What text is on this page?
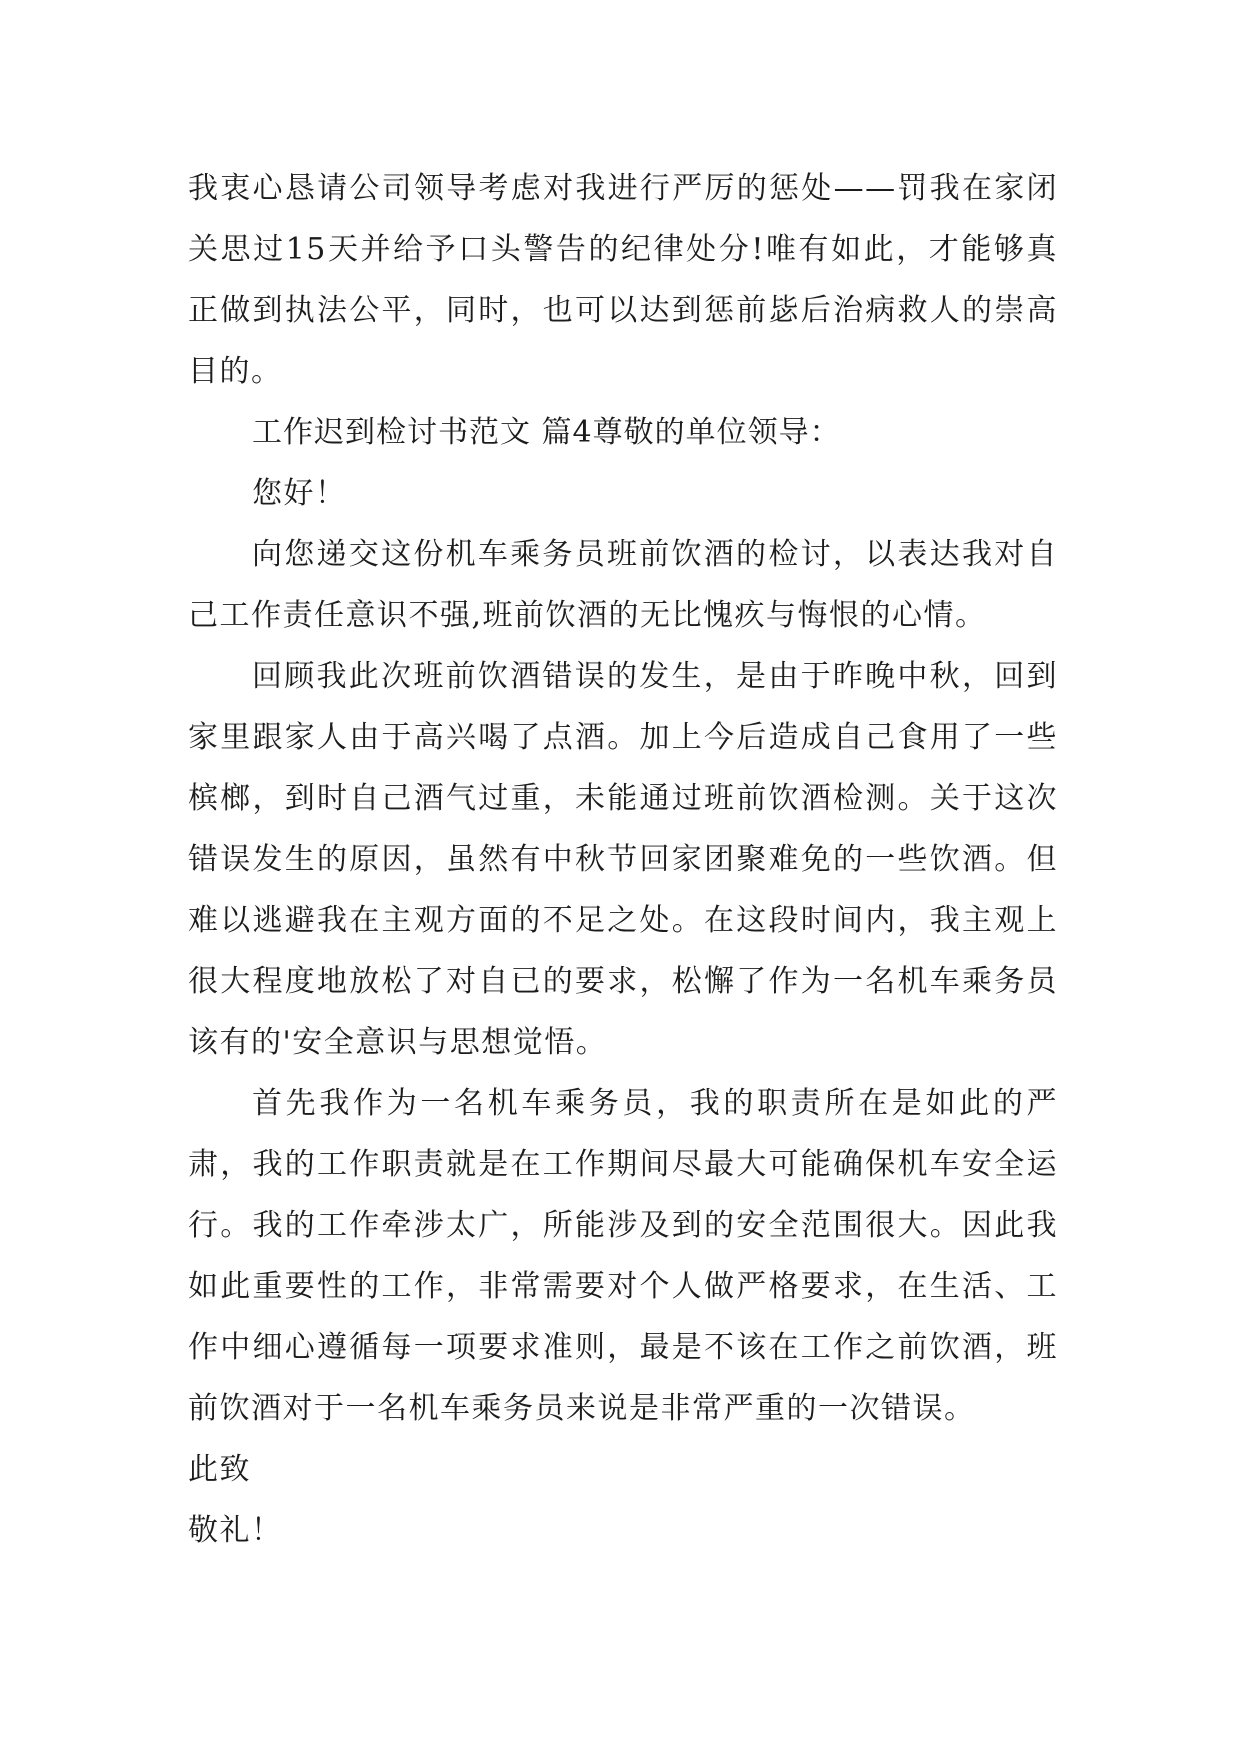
我衷心恳请公司领导考虑对我进行严厉的惩处——罚我在家闭关思过15天并给予口头警告的纪律处分!唯有如此，才能够真正做到执法公平，同时，也可以达到惩前毖后治病救人的崇高目的。

工作迟到检讨书范文 篇4尊敬的单位领导：

您好！

向您递交这份机车乘务员班前饮酒的检讨，以表达我对自己工作责任意识不强,班前饮酒的无比愧疚与悔恨的心情。

回顾我此次班前饮酒错误的发生，是由于昨晚中秋，回到家里跟家人由于高兴喝了点酒。加上今后造成自己食用了一些槟榔，到时自己酒气过重，未能通过班前饮酒检测。关于这次错误发生的原因，虽然有中秋节回家团聚难免的一些饮酒。但难以逃避我在主观方面的不足之处。在这段时间内，我主观上很大程度地放松了对自已的要求，松懈了作为一名机车乘务员该有的'安全意识与思想觉悟。

首先我作为一名机车乘务员，我的职责所在是如此的严肃，我的工作职责就是在工作期间尽最大可能确保机车安全运行。我的工作牵涉太广，所能涉及到的安全范围很大。因此我如此重要性的工作，非常需要对个人做严格要求，在生活、工作中细心遵循每一项要求准则，最是不该在工作之前饮酒，班前饮酒对于一名机车乘务员来说是非常严重的一次错误。

此致

敬礼！
